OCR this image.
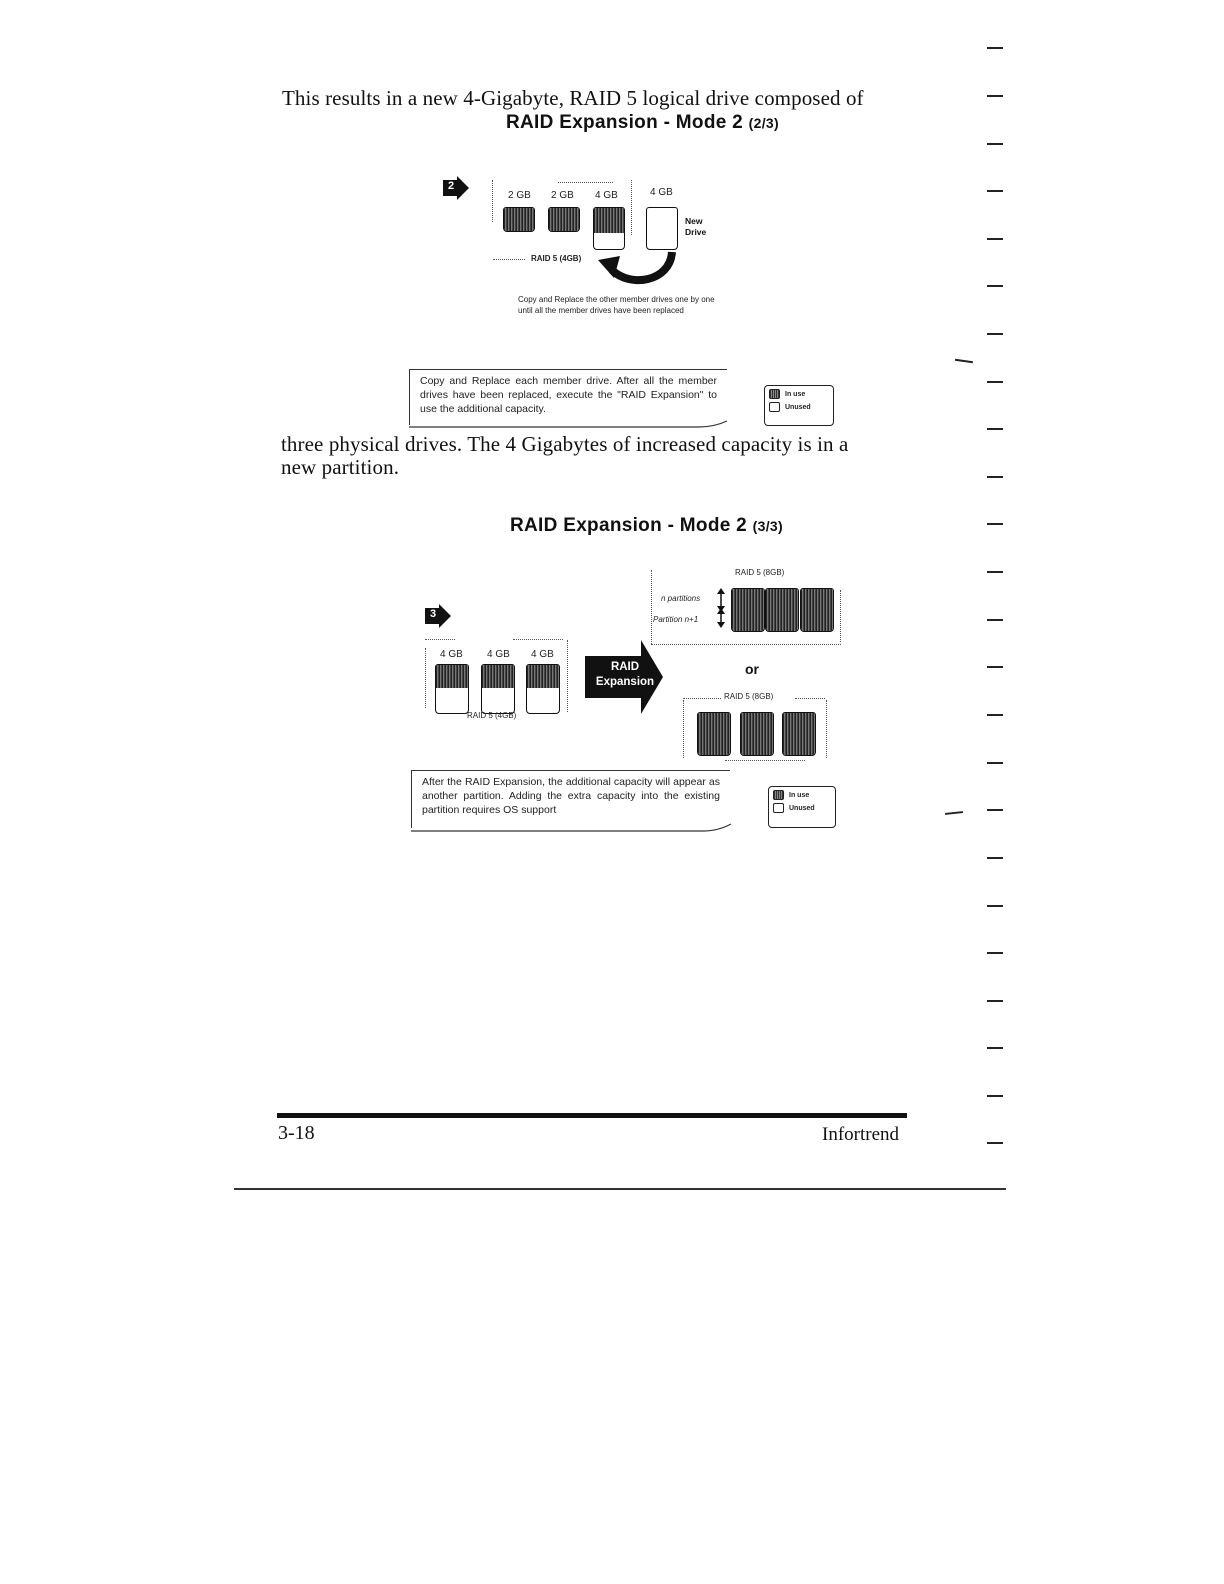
This results in a new 4-Gigabyte, RAID 5 logical drive composed of
RAID Expansion - Mode 2 (2/3)
2
2 GB 2 GB 4 GB	4 GB
New
Drive
RAID 5 (4GB)
Copy and Replace the other member drives one by one
until all the member drives have been replaced
Copy and Replace each member drive. After all the member drives have been replaced, execute the "RAID Expansion" to use the additional capacity.
In use
Unused
three physical drives. The 4 Gigabytes of increased capacity is in a
new partition.
RAID Expansion - Mode 2 (3/3)
3
4 GB 4 GB 4 GB
RAID 5 (4GB)
RAID
Expansion
RAID 5 (8GB)
n partitions
Partition n+1
or
RAID 5 (8GB)
After the RAID Expansion, the additional capacity will appear as another partition. Adding the extra capacity into the existing partition requires OS support
In use
Unused
3-18	Infortrend
